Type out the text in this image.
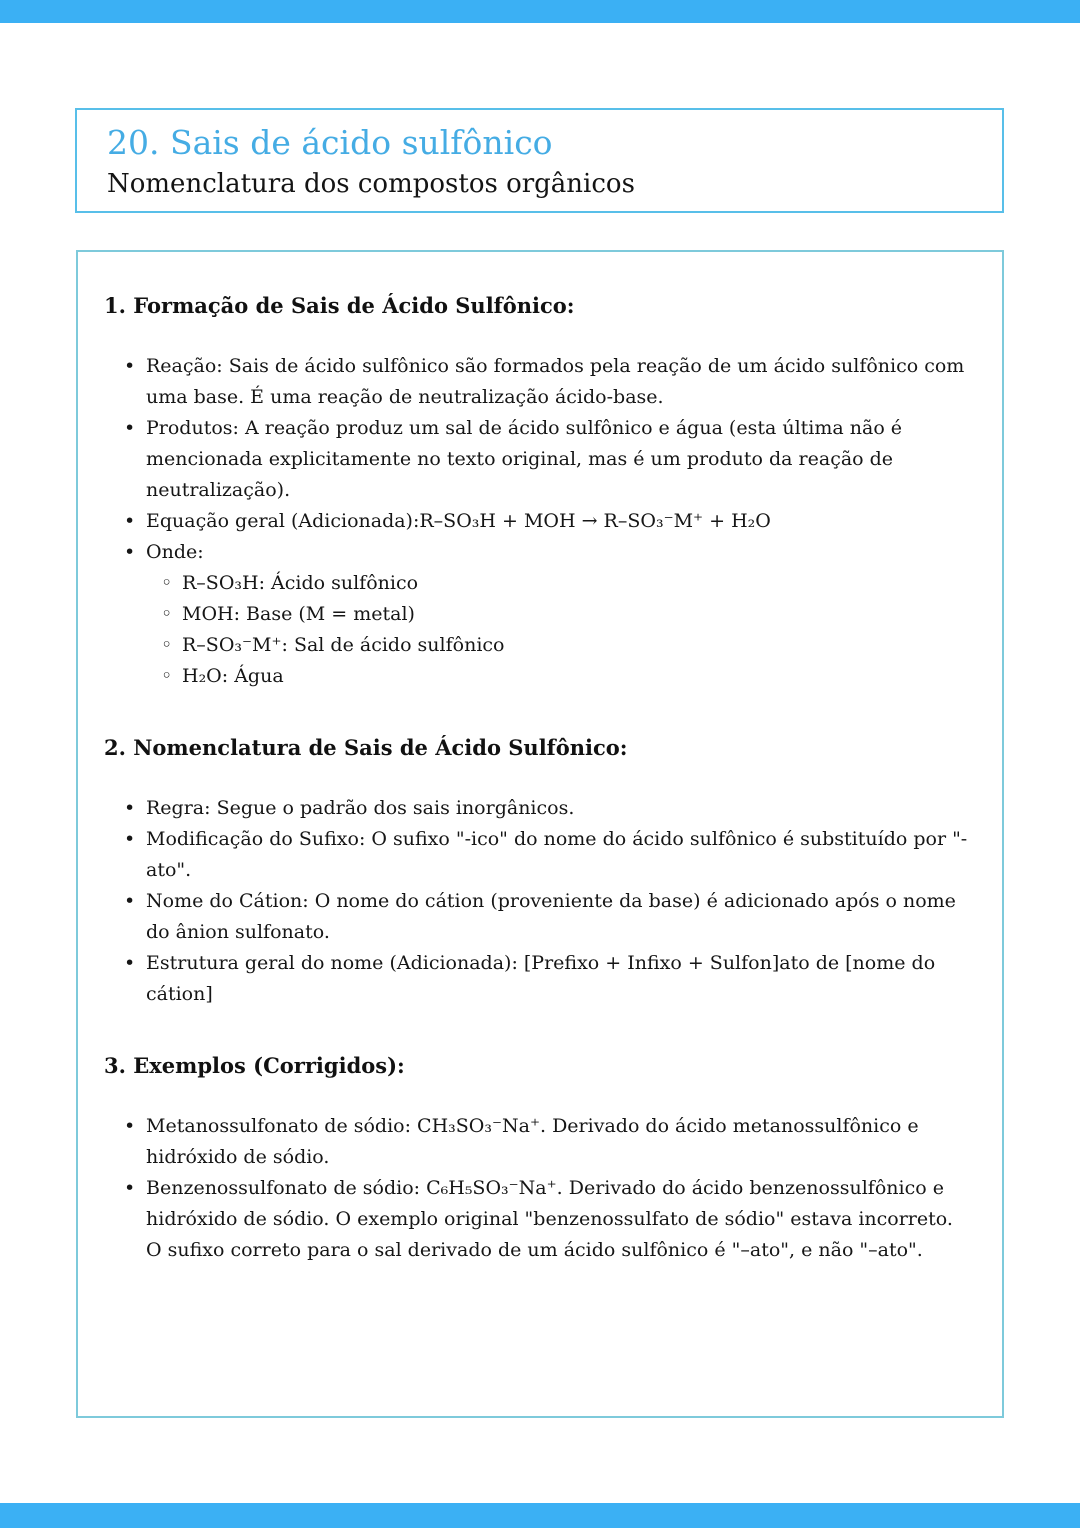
20. Sais de ácido sulfônico
Nomenclatura dos compostos orgânicos
1. Formação de Sais de Ácido Sulfônico:
• Reação: Sais de ácido sulfônico são formados pela reação de um ácido sulfônico com uma base. É uma reação de neutralização ácido-base.
• Produtos: A reação produz um sal de ácido sulfônico e água (esta última não é mencionada explicitamente no texto original, mas é um produto da reação de neutralização).
• Equação geral (Adicionada):R–SO₃H + MOH → R–SO₃⁻M⁺ + H₂O
• Onde:
◦ R–SO₃H: Ácido sulfônico
◦ MOH: Base (M = metal)
◦ R–SO₃⁻M⁺: Sal de ácido sulfônico
◦ H₂O: Água
2. Nomenclatura de Sais de Ácido Sulfônico:
• Regra: Segue o padrão dos sais inorgânicos.
• Modificação do Sufixo: O sufixo "-ico" do nome do ácido sulfônico é substituído por "-ato".
• Nome do Cátion: O nome do cátion (proveniente da base) é adicionado após o nome do ânion sulfonato.
• Estrutura geral do nome (Adicionada): [Prefixo + Infixo + Sulfon]ato de [nome do cátion]
3. Exemplos (Corrigidos):
• Metanossulfonato de sódio: CH₃SO₃⁻Na⁺. Derivado do ácido metanossulfônico e hidróxido de sódio.
• Benzenossulfonato de sódio: C₆H₅SO₃⁻Na⁺. Derivado do ácido benzenossulfônico e hidróxido de sódio. O exemplo original "benzenossulfato de sódio" estava incorreto. O sufixo correto para o sal derivado de um ácido sulfônico é "–ato", e não "–ato".
